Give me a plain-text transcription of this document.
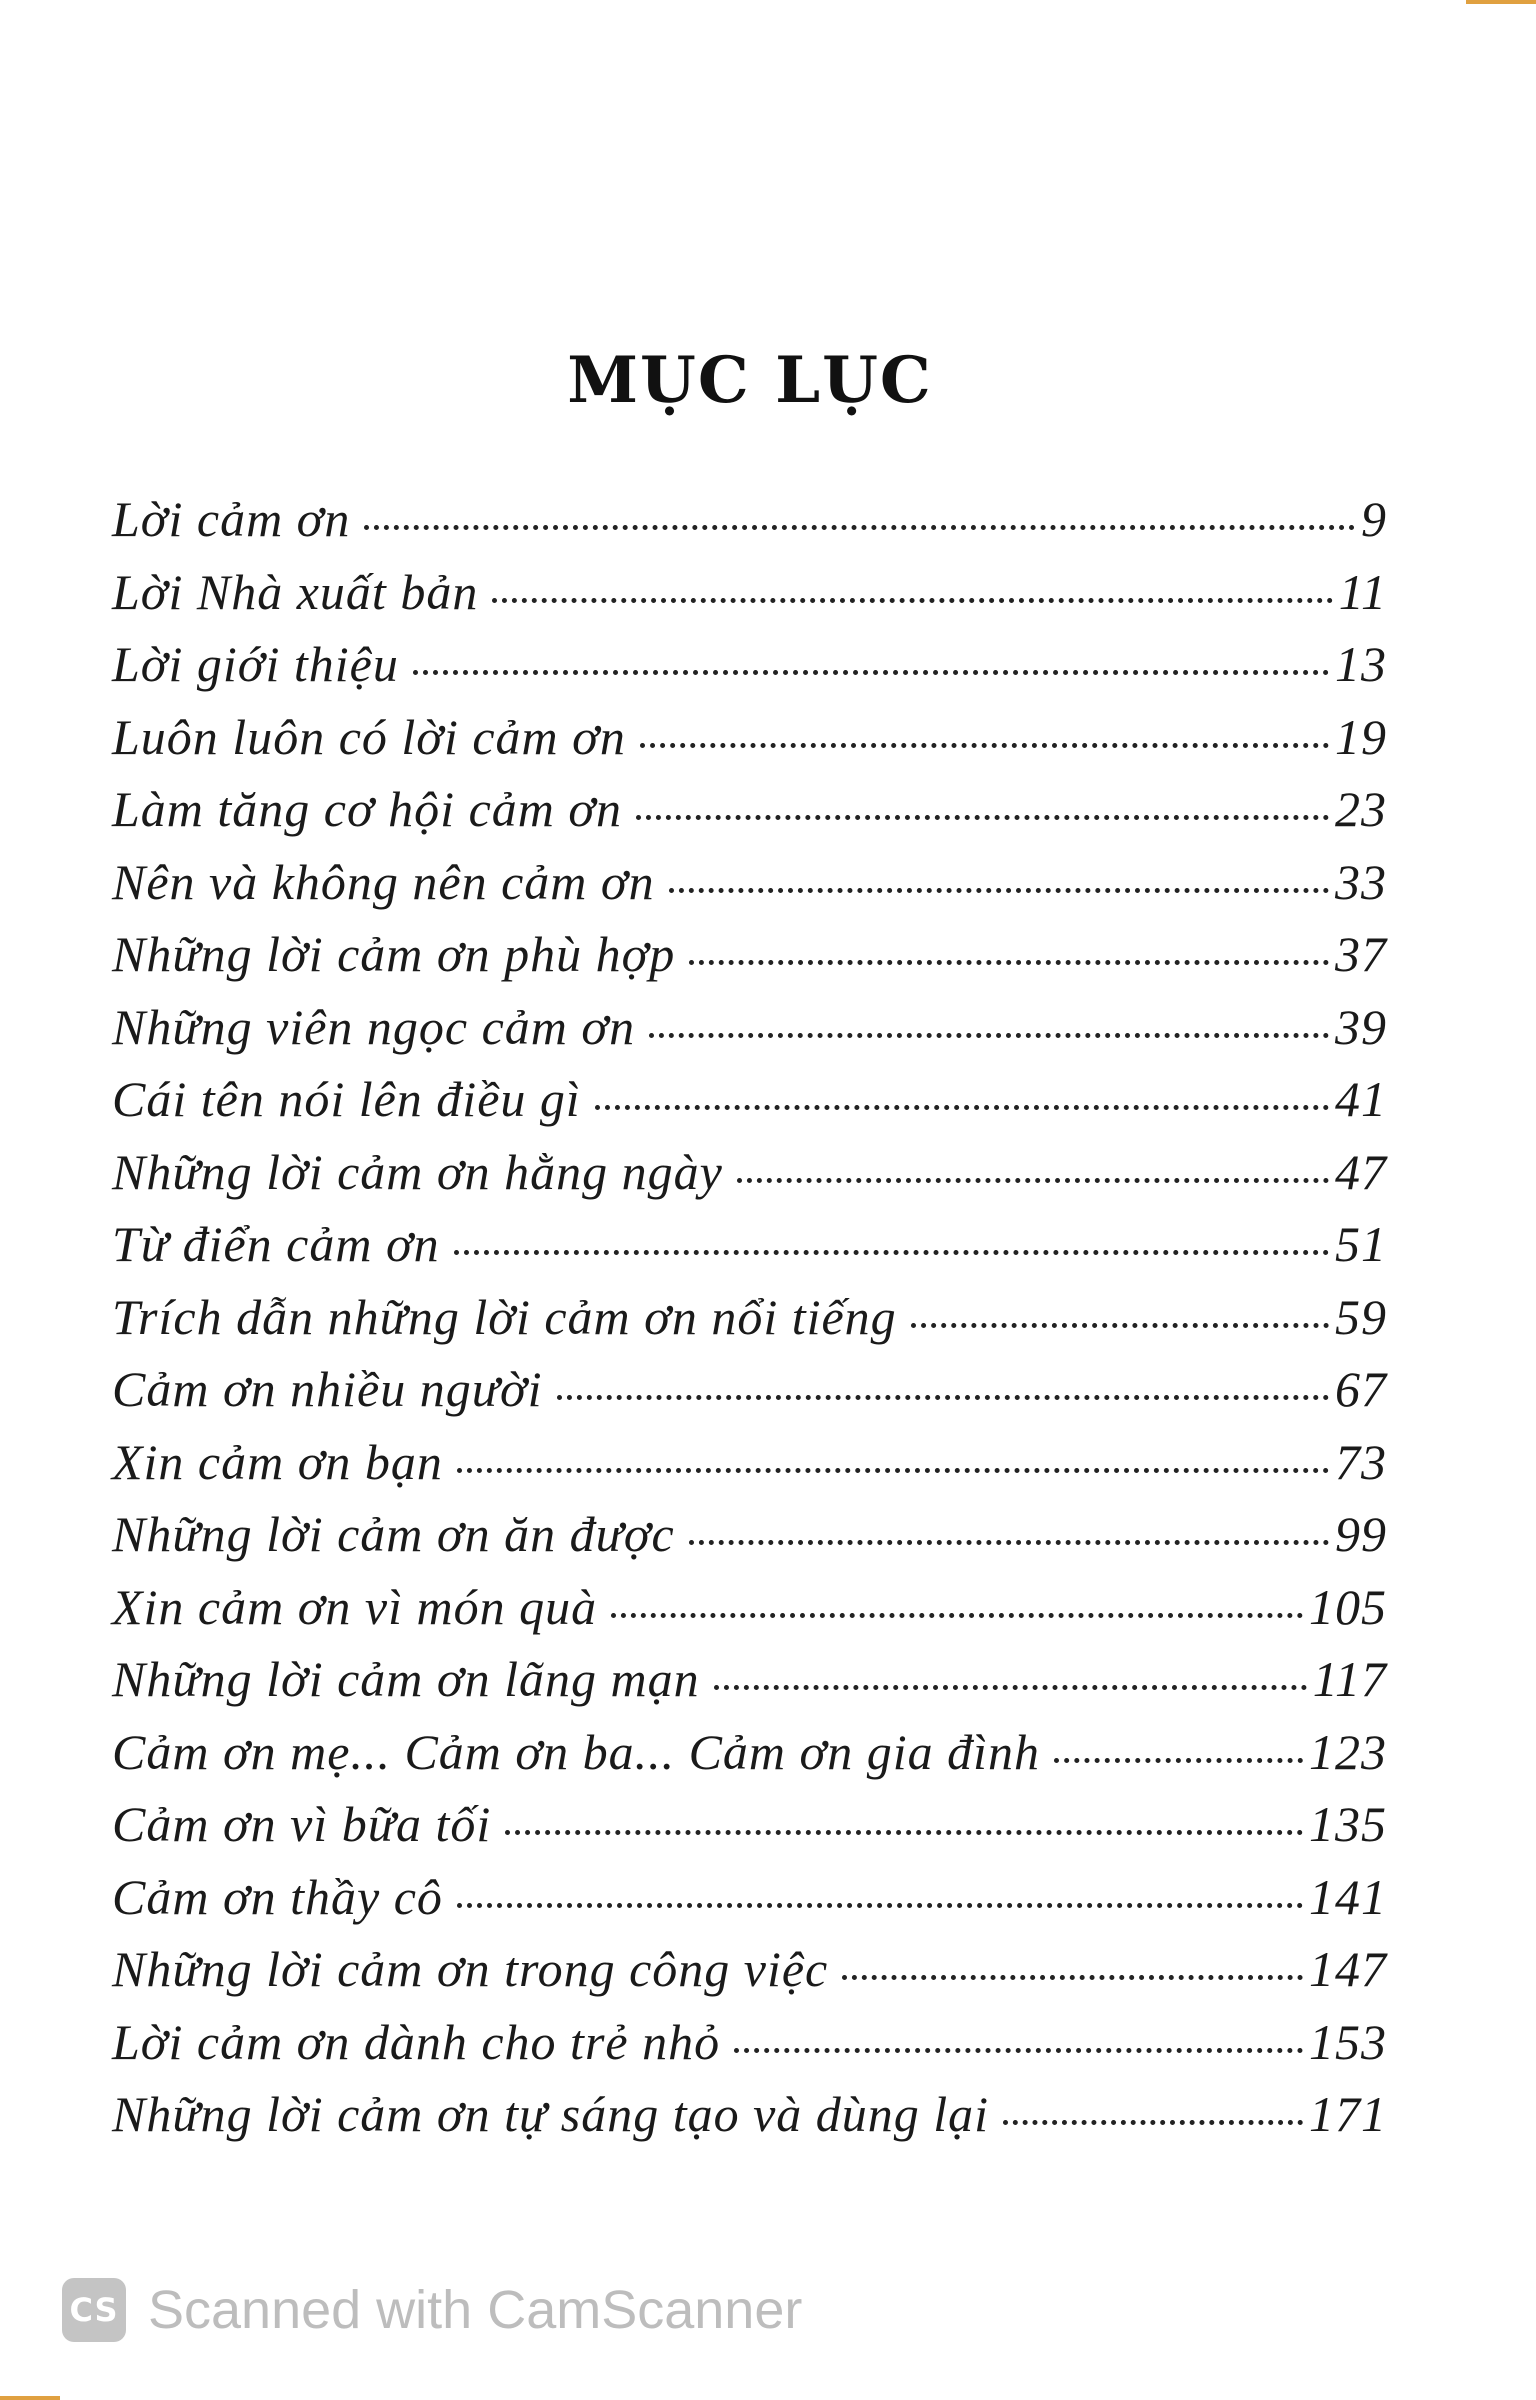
MỤC LỤC
Lời cảm ơn	9
Lời Nhà xuất bản	11
Lời giới thiệu	13
Luôn luôn có lời cảm ơn	19
Làm tăng cơ hội cảm ơn	23
Nên và không nên cảm ơn	33
Những lời cảm ơn phù hợp	37
Những viên ngọc cảm ơn	39
Cái tên nói lên điều gì	41
Những lời cảm ơn hằng ngày	47
Từ điển cảm ơn	51
Trích dẫn những lời cảm ơn nổi tiếng	59
Cảm ơn nhiều người	67
Xin cảm ơn bạn	73
Những lời cảm ơn ăn được	99
Xin cảm ơn vì món quà	105
Những lời cảm ơn lãng mạn	117
Cảm ơn mẹ... Cảm ơn ba... Cảm ơn gia đình	123
Cảm ơn vì bữa tối	135
Cảm ơn thầy cô	141
Những lời cảm ơn trong công việc	147
Lời cảm ơn dành cho trẻ nhỏ	153
Những lời cảm ơn tự sáng tạo và dùng lại	171
CS Scanned with CamScanner
